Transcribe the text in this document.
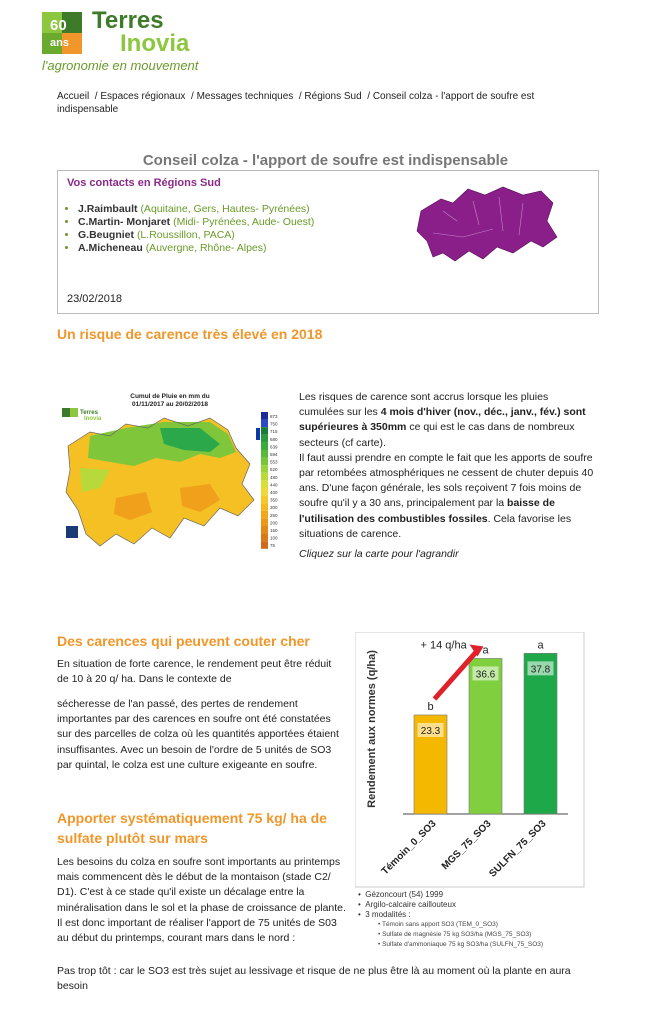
60
ans
Terres
Inovia
l'agronomie en mouvement
Accueil  / Espaces régionaux  / Messages techniques  / Régions Sud  / Conseil colza - l'apport de soufre est indispensable
Conseil colza - l'apport de soufre est indispensable
Vos contacts en Régions Sud
• J.Raimbault (Aquitaine, Gers, Hautes- Pyrénées)
• C.Martin- Monjaret (Midi- Pyrénées, Aude- Ouest)
• G.Beugniet (L.Roussillon, PACA)
• A.Micheneau (Auvergne, Rhône- Alpes)
23/02/2018
Un risque de carence très élevé en 2018
Cumul de Pluie en mm du
01/11/2017 au 20/02/2018
Terres
Inovia	873
750
715
680
639
594
553
520
480
440
400
350
300
250
200
150
100
75
Les risques de carence sont accrus lorsque les pluies cumulées sur les 4 mois d'hiver (nov., déc., janv., fév.) sont supérieures à 350mm ce qui est le cas dans de nombreux secteurs (cf carte).
Il faut aussi prendre en compte le fait que les apports de soufre par retombées atmosphériques ne cessent de chuter depuis 40 ans. D'une façon générale, les sols reçoivent 7 fois moins de soufre qu'il y a 30 ans, principalement par la baisse de l'utilisation des combustibles fossiles. Cela favorise les situations de carence.
Cliquez sur la carte pour l'agrandir
Des carences qui peuvent couter cher
En situation de forte carence, le rendement peut être réduit de 10 à 20 q/ ha. Dans le contexte de
sécheresse de l'an passé, des pertes de rendement importantes par des carences en soufre ont été constatées sur des parcelles de colza où les quantités apportées étaient insuffisantes. Avec un besoin de l'ordre de 5 unités de SO3 par quintal, le colza est une culture exigeante en soufre.
Apporter systématiquement 75 kg/ ha de sulfate plutôt sur mars
Les besoins du colza en soufre sont importants au printemps mais commencent dès le début de la montaison (stade C2/ D1). C'est à ce stade qu'il existe un décalage entre la minéralisation dans le sol et la phase de croissance de plante. Il est donc important de réaliser l'apport de 75 unités de S03 au début du printemps, courant mars dans le nord :
Pas trop tôt : car le SO3 est très sujet au lessivage et risque de ne plus être là au moment où la plante en aura besoin
Rendement aux normes (q/ha)	23.3
b
Témoin_0_SO3
36.6
a
MGS_75_SO3
37.8
a
SULFN_75_SO3
+ 14 q/ha
•  Gézoncourt (54) 1999
•  Argilo-calcaire caillouteux
•  3 modalités :
• Témoin sans apport SO3 (TEM_0_SO3)
• Sulfate de magnésie 75 kg SO3/ha (MGS_75_SO3)
• Sulfate d'ammoniaque 75 kg SO3/ha (SULFN_75_SO3)
